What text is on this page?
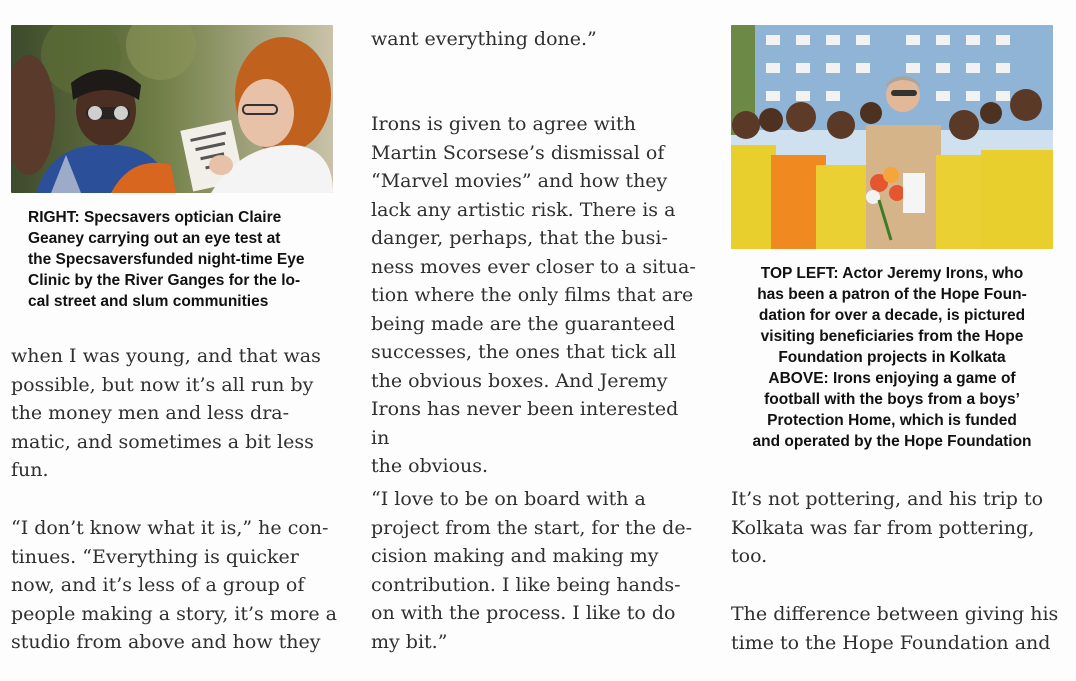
RIGHT: Specsavers optician Claire
Geaney carrying out an eye test at
the Specsaversfunded night-time Eye
Clinic by the River Ganges for the lo-
cal street and slum communities

when I was young, and that was
possible, but now it’s all run by
the money men and less dra-
matic, and sometimes a bit less
fun.

“I don’t know what it is,” he con-
tinues. “Everything is quicker
now, and it’s less of a group of
people making a story, it’s more a
studio from above and how they

want everything done.”

Irons is given to agree with
Martin Scorsese’s dismissal of
“Marvel movies” and how they
lack any artistic risk. There is a
danger, perhaps, that the busi-
ness moves ever closer to a situa-
tion where the only films that are
being made are the guaranteed
successes, the ones that tick all
the obvious boxes. And Jeremy
Irons has never been interested in
the obvious.

“I love to be on board with a
project from the start, for the de-
cision making and making my
contribution. I like being hands-
on with the process. I like to do
my bit.”

TOP LEFT: Actor Jeremy Irons, who
has been a patron of the Hope Foun-
dation for over a decade, is pictured
visiting beneficiaries from the Hope
Foundation projects in Kolkata
ABOVE: Irons enjoying a game of
football with the boys from a boys’
Protection Home, which is funded
and operated by the Hope Foundation

It’s not pottering, and his trip to
Kolkata was far from pottering,
too.

The difference between giving his
time to the Hope Foundation and
